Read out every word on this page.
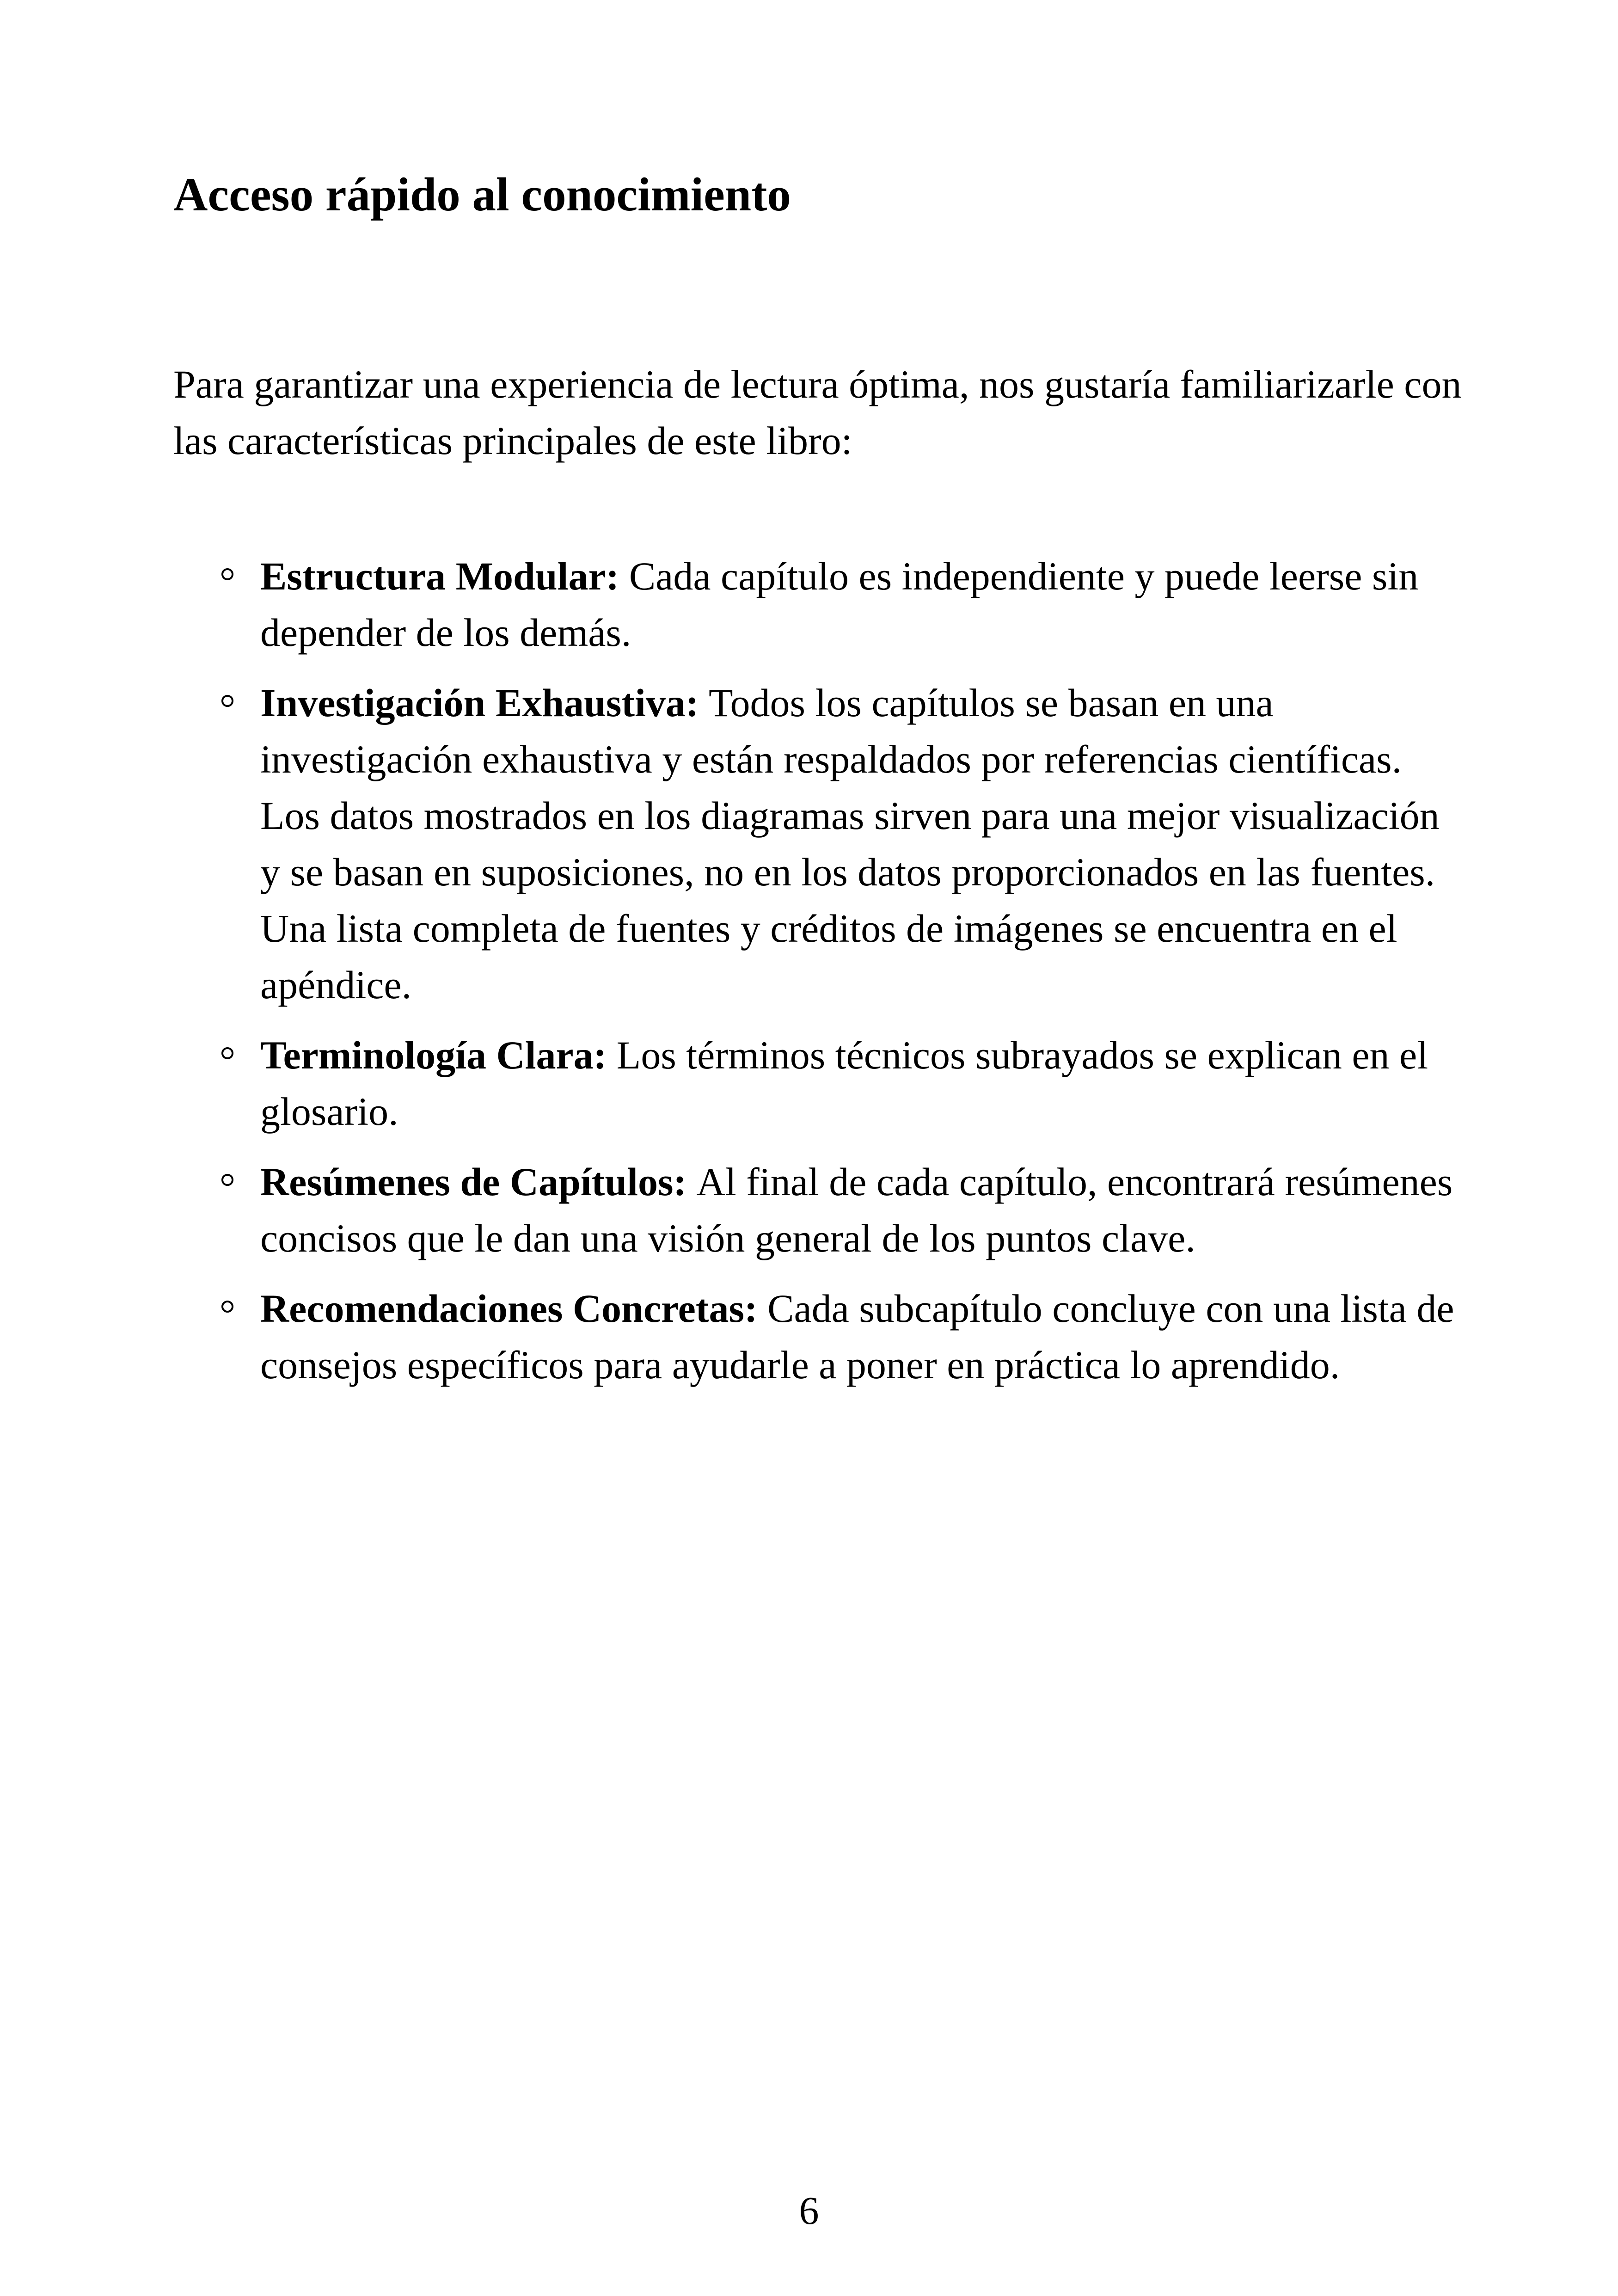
Acceso rápido al conocimiento

Para garantizar una experiencia de lectura óptima, nos gustaría familiarizarle con las características principales de este libro:

Estructura Modular: Cada capítulo es independiente y puede leerse sin depender de los demás.
Investigación Exhaustiva: Todos los capítulos se basan en una investigación exhaustiva y están respaldados por referencias científicas. Los datos mostrados en los diagramas sirven para una mejor visualización y se basan en suposiciones, no en los datos proporcionados en las fuentes. Una lista completa de fuentes y créditos de imágenes se encuentra en el apéndice.
Terminología Clara: Los términos técnicos subrayados se explican en el glosario.
Resúmenes de Capítulos: Al final de cada capítulo, encontrará resúmenes concisos que le dan una visión general de los puntos clave.
Recomendaciones Concretas: Cada subcapítulo concluye con una lista de consejos específicos para ayudarle a poner en práctica lo aprendido.
6
